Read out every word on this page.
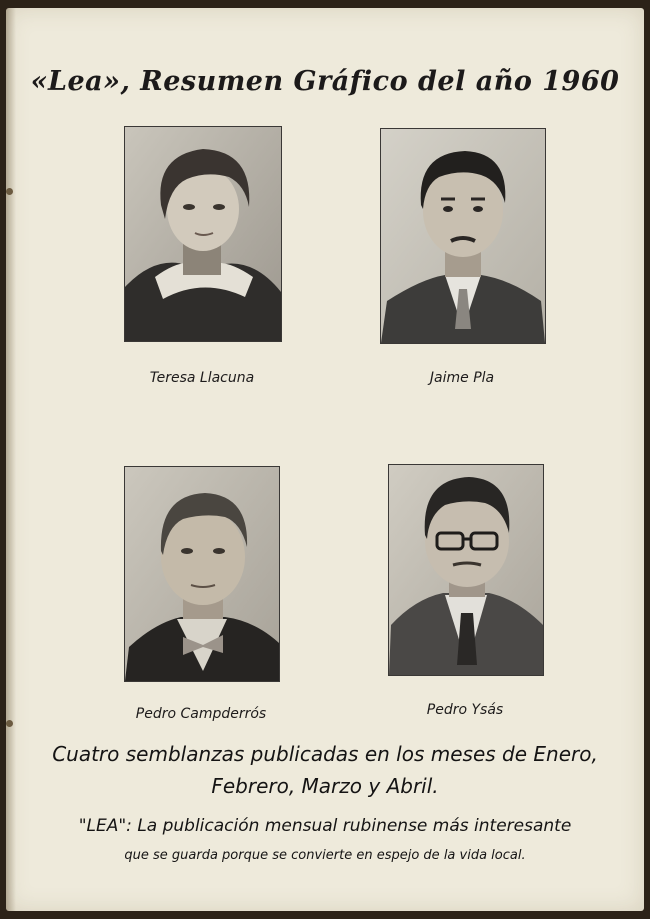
«Lea», Resumen Gráfico del año 1960
Teresa Llacuna	Jaime Pla
Pedro Campderrós	Pedro Ysás
Cuatro semblanzas publicadas en los meses de Enero,
Febrero, Marzo y Abril.
"LEA": La publicación mensual rubinense más interesante
que se guarda porque se convierte en espejo de la vida local.
